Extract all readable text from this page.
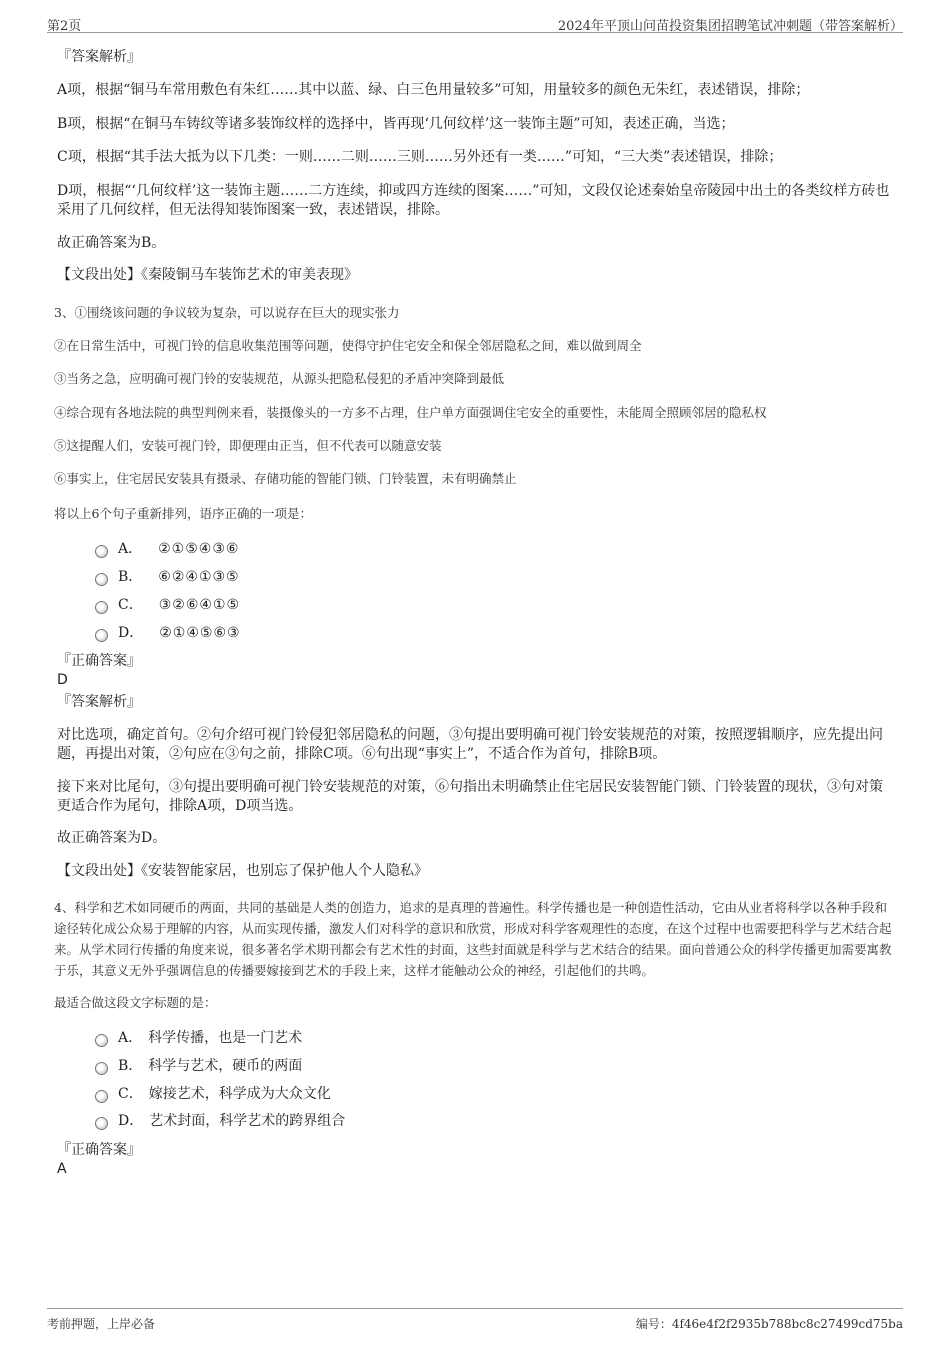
第2页	2024年平顶山问苗投资集团招聘笔试冲刺题（带答案解析）
『答案解析』
A项，根据“铜马车常用敷色有朱红……其中以蓝、绿、白三色用量较多”可知，用量较多的颜色无朱红，表述错误，排除；
B项，根据“在铜马车铸纹等诸多装饰纹样的选择中，皆再现‘几何纹样’这一装饰主题”可知，表述正确，当选；
C项，根据“其手法大抵为以下几类：一则……二则……三则……另外还有一类……”可知，“三大类”表述错误，排除；
D项，根据“‘几何纹样’这一装饰主题……二方连续，抑或四方连续的图案……”可知，文段仅论述秦始皇帝陵园中出土的各类纹样方砖也采用了几何纹样，但无法得知装饰图案一致，表述错误，排除。
故正确答案为B。
【文段出处】《秦陵铜马车装饰艺术的审美表现》
3、①围绕该问题的争议较为复杂，可以说存在巨大的现实张力
②在日常生活中，可视门铃的信息收集范围等问题，使得守护住宅安全和保全邻居隐私之间，难以做到周全
③当务之急，应明确可视门铃的安装规范，从源头把隐私侵犯的矛盾冲突降到最低
④综合现有各地法院的典型判例来看，装摄像头的一方多不占理，住户单方面强调住宅安全的重要性，未能周全照顾邻居的隐私权
⑤这提醒人们，安装可视门铃，即便理由正当，但不代表可以随意安装
⑥事实上，住宅居民安装具有摄录、存储功能的智能门锁、门铃装置，未有明确禁止
将以上6个句子重新排列，语序正确的一项是：
A． ②①⑤④③⑥
B． ⑥②④①③⑤
C． ③②⑥④①⑤
D． ②①④⑤⑥③
『正确答案』
D
『答案解析』
对比选项，确定首句。②句介绍可视门铃侵犯邻居隐私的问题，③句提出要明确可视门铃安装规范的对策，按照逻辑顺序，应先提出问题，再提出对策，②句应在③句之前，排除C项。⑥句出现“事实上”，不适合作为首句，排除B项。
接下来对比尾句，③句提出要明确可视门铃安装规范的对策，⑥句指出未明确禁止住宅居民安装智能门锁、门铃装置的现状，③句对策更适合作为尾句，排除A项，D项当选。
故正确答案为D。
【文段出处】《安装智能家居，也别忘了保护他人个人隐私》
4、科学和艺术如同硬币的两面，共同的基础是人类的创造力，追求的是真理的普遍性。科学传播也是一种创造性活动，它由从业者将科学以各种手段和途径转化成公众易于理解的内容，从而实现传播，激发人们对科学的意识和欣赏，形成对科学客观理性的态度，在这个过程中也需要把科学与艺术结合起来。从学术同行传播的角度来说，很多著名学术期刊都会有艺术性的封面，这些封面就是科学与艺术结合的结果。面向普通公众的科学传播更加需要寓教于乐，其意义无外乎强调信息的传播要嫁接到艺术的手段上来，这样才能触动公众的神经，引起他们的共鸣。
最适合做这段文字标题的是：
A． 科学传播，也是一门艺术
B． 科学与艺术，硬币的两面
C． 嫁接艺术，科学成为大众文化
D． 艺术封面，科学艺术的跨界组合
『正确答案』
A
考前押题，上岸必备	编号：4f46e4f2f2935b788bc8c27499cd75ba
